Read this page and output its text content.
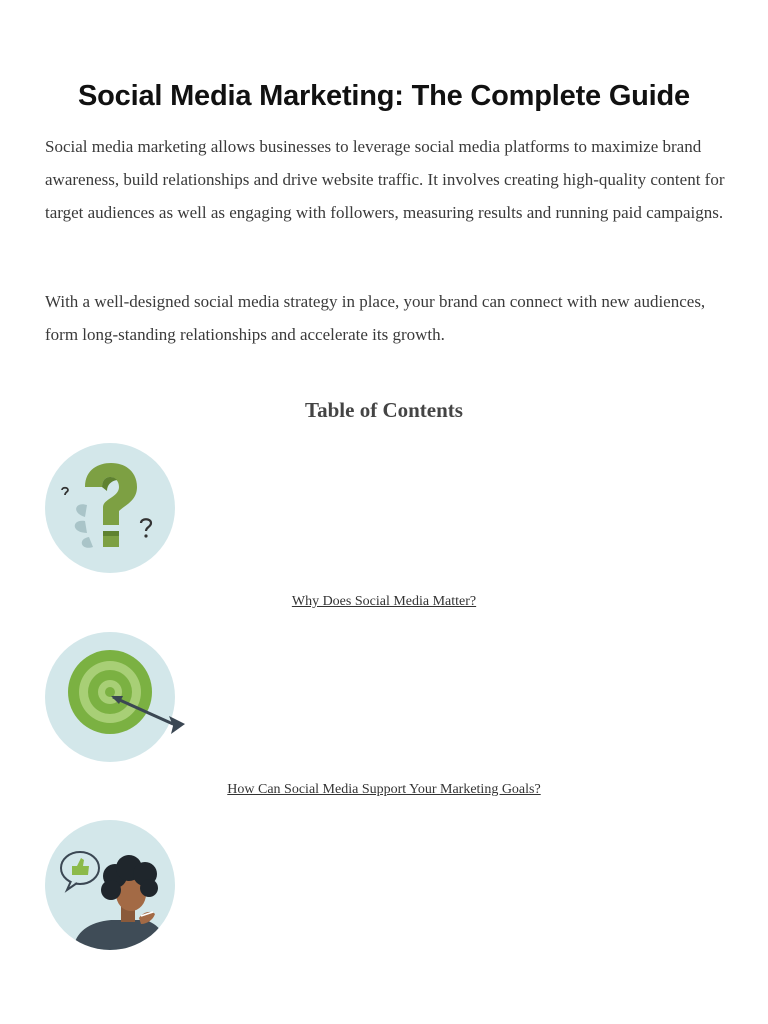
Social Media Marketing: The Complete Guide

Social media marketing allows businesses to leverage social media platforms to maximize brand awareness, build relationships and drive website traffic. It involves creating high-quality content for target audiences as well as engaging with followers, measuring results and running paid campaigns.

With a well-designed social media strategy in place, your brand can connect with new audiences, form long-standing relationships and accelerate its growth.

Table of Contents
Why Does Social Media Matter?
How Can Social Media Support Your Marketing Goals?
